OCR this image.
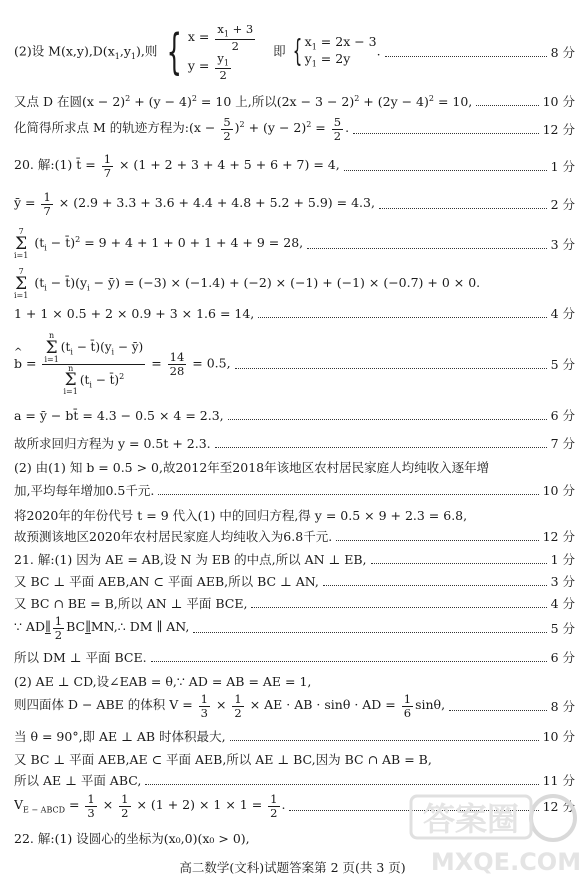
(2)设 $M(x,y),D(x_1,y_1)$,则 { $x = \frac{x_1 + 3}{2}$
$y = \frac{y_1}{2}$
即 { $x_1 = 2x - 3$
$y_1 = 2y$	.	8 分
又点 D 在圆$(x - 2)^2 + (y - 4)^2 = 10$ 上,所以$(2x - 3 - 2)^2 + (2y - 4)^2 = 10$,	10 分
化简得所求点 M 的轨迹方程为:(x − $\frac{5}{2} )^2 + (y - 2)^2 = \frac{5}{2}$ .	12 分
20. 解:(1) t̄ = $\frac{1}{7} \times (1 + 2 + 3 + 4 + 5 + 6 + 7) = 4$,	1 分
ȳ = $\frac{1}{7} \times (2.9 + 3.3 + 3.6 + 4.4 + 4.8 + 5.2 + 5.9) = 4.3$,	2 分
7
Σ
i=1
($t_i$ − t̄)$^2$ = 9 + 4 + 1 + 0 + 1 + 4 + 9 = 28,	3 分
7
Σ
i=1
($t_i$ − $t̄)(y_i$ − ȳ) = (−3) × (−1.4) + (−2) × (−1) + (−1) × (−0.7) + 0 × 0.
1 + 1 × 0.5 + 2 × 0.9 + 3 × 1.6 = 14,	4 分
^ b = n
Σ
i=1
($t_i$ − $t̄)(y_i$ − ȳ)
n
Σ
i=1
($t_i$ − t̄)$^2$ = $\frac{14}{28} = 0.5$,	5 分
^ a = ȳ − ^ bt̄ = 4.3 − 0.5 × 4 = 2.3,	6 分
故所求回归方程为 ^ y = 0.5t + 2.3.	7 分
(2) 由(1) 知 b = 0.5 > 0,故2012年至2018年该地区农村居民家庭人均纯收入逐年增
加,平均每年增加0.5千元.	10 分
将2020年的年份代号 t = 9 代入(1) 中的回归方程,得 ^ y = 0.5 × 9 + 2.3 = 6.8,
故预测该地区2020年农村居民家庭人均纯收入为6.8千元.	12 分
21. 解:(1) 因为 AE = AB,设 N 为 EB 的中点,所以 AN ⊥ EB,	1 分
又 BC ⊥ 平面 AEB,AN ⊂ 平面 AEB,所以 BC ⊥ AN,	3 分
又 BC ∩ BE = B,所以 AN ⊥ 平面 BCE,	4 分
∵ AD∥ $\frac{1}{2}$ BC∥MN,∴ DM ∥ AN,	5 分
所以 DM ⊥ 平面 BCE.	6 分
(2) AE ⊥ CD,设∠EAB = θ,∵ AD = AB = AE = 1,
则四面体 D − ABE 的体积 $V = \frac{1}{3} \times \frac{1}{2}$ × AE · AB · sinθ · AD = $\frac{1}{6} \sin\theta$,	8 分
当 θ = 90°,即 AE ⊥ AB 时体积最大,	10 分
又 BC ⊥ 平面 AEB,AE ⊂ 平面 AEB,所以 AE ⊥ BC,因为 BC ∩ AB = B,
所以 AE ⊥ 平面 ABC,	11 分
$V_{E - ABCD} = \frac{1}{3} \times \frac{1}{2} \times (1 + 2) \times 1 \times 1 = \frac{1}{2}$ .	12 分
22. 解:(1) 设圆心的坐标为(x₀,0)(x₀ > 0),
答案圈
MXQE.COM
高二数学(文科)试题答案第 2 页(共 3 页)
